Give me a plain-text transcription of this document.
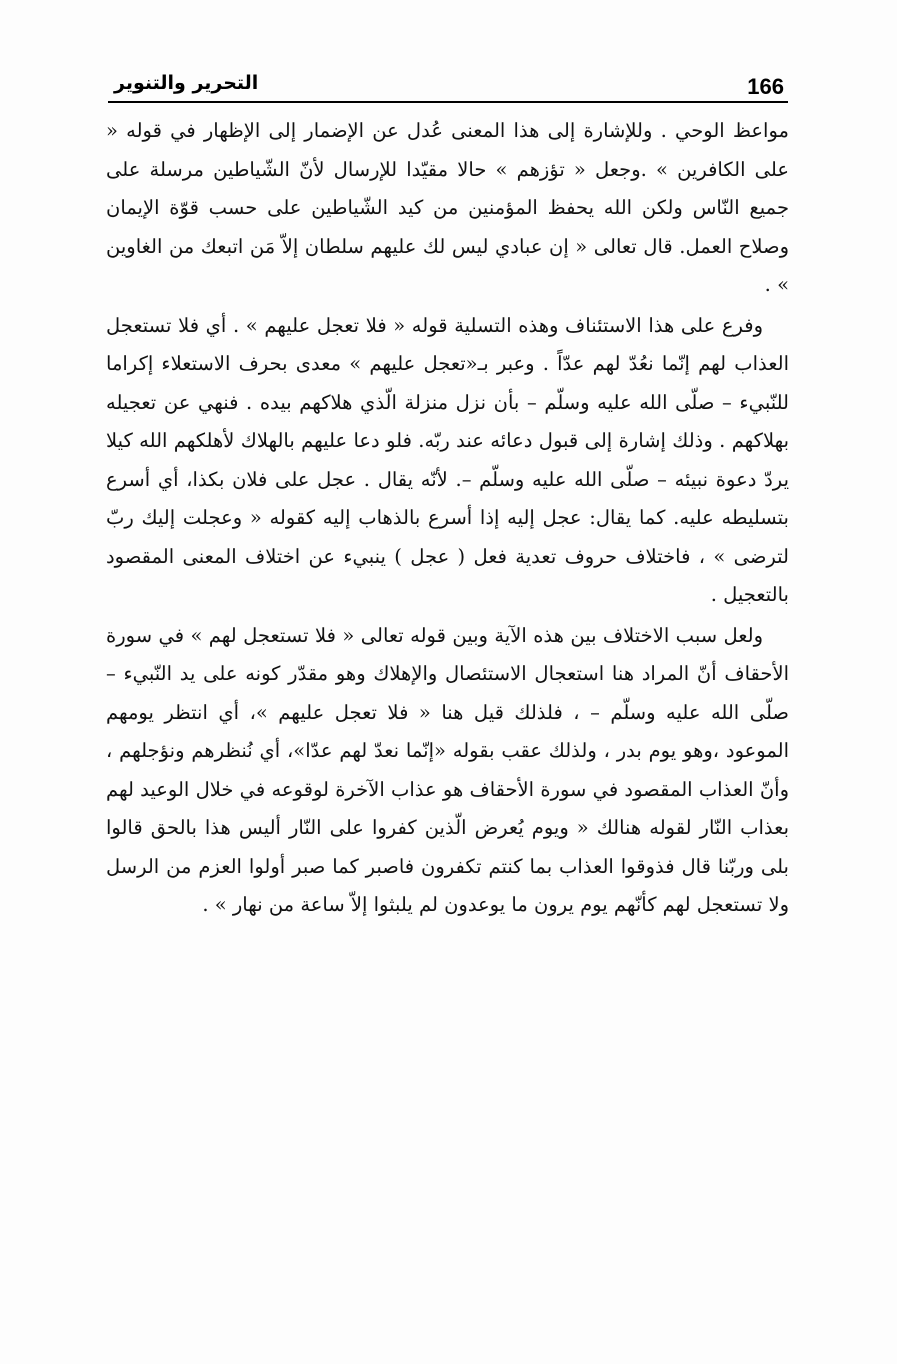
166
التحرير والتنوير

مواعظ الوحي . وللإشارة إلى هذا المعنى عُدل عن الإضمار إلى الإظهار في قوله « على الكافرين » .وجعل « تؤزهم » حالا مقيّدا للإرسال لأنّ الشّياطين مرسلة على جميع النّاس ولكن الله يحفظ المؤمنين من كيد الشّياطين على حسب قوّة الإيمان وصلاح العمل. قال تعالى « إن عبادي ليس لك عليهم سلطان إلاّ مَن اتبعك من الغاوين » .

وفرع على هذا الاستئناف وهذه التسلية قوله « فلا تعجل عليهم » . أي فلا تستعجل العذاب لهم إنّما نعُدّ لهم عدّاً . وعبر بـ«تعجل عليهم » معدى بحرف الاستعلاء إكراما للنّبيء – صلّى الله عليه وسلّم – بأن نزل منزلة الّذي هلاكهم بيده . فنهي عن تعجيله بهلاكهم . وذلك إشارة إلى قبول دعائه عند ربّه. فلو دعا عليهم بالهلاك لأهلكهم الله كيلا يردّ دعوة نبيئه – صلّى الله عليه وسلّم –. لأنّه يقال . عجل على فلان بكذا، أي أسرع بتسليطه عليه. كما يقال: عجل إليه إذا أسرع بالذهاب إليه كقوله « وعجلت إليك ربّ لترضى » ، فاختلاف حروف تعدية فعل ( عجل ) ينبيء عن اختلاف المعنى المقصود بالتعجيل .

ولعل سبب الاختلاف بين هذه الآية وبين قوله تعالى « فلا تستعجل لهم » في سورة الأحقاف أنّ المراد هنا استعجال الاستئصال والإهلاك وهو مقدّر كونه على يد النّبيء – صلّى الله عليه وسلّم – ، فلذلك قيل هنا « فلا تعجل عليهم »، أي انتظر يومهم الموعود ،وهو يوم بدر ، ولذلك عقب بقوله «إنّما نعدّ لهم عدّا»، أي نُنظرهم ونؤجلهم ، وأنّ العذاب المقصود في سورة الأحقاف هو عذاب الآخرة لوقوعه في خلال الوعيد لهم بعذاب النّار لقوله هنالك « ويوم يُعرض الّذين كفروا على النّار أليس هذا بالحق قالوا بلى وربّنا قال فذوقوا العذاب بما كنتم تكفرون فاصبر كما صبر أولوا العزم من الرسل ولا تستعجل لهم كأنّهم يوم يرون ما يوعدون لم يلبثوا إلاّ ساعة من نهار » .
